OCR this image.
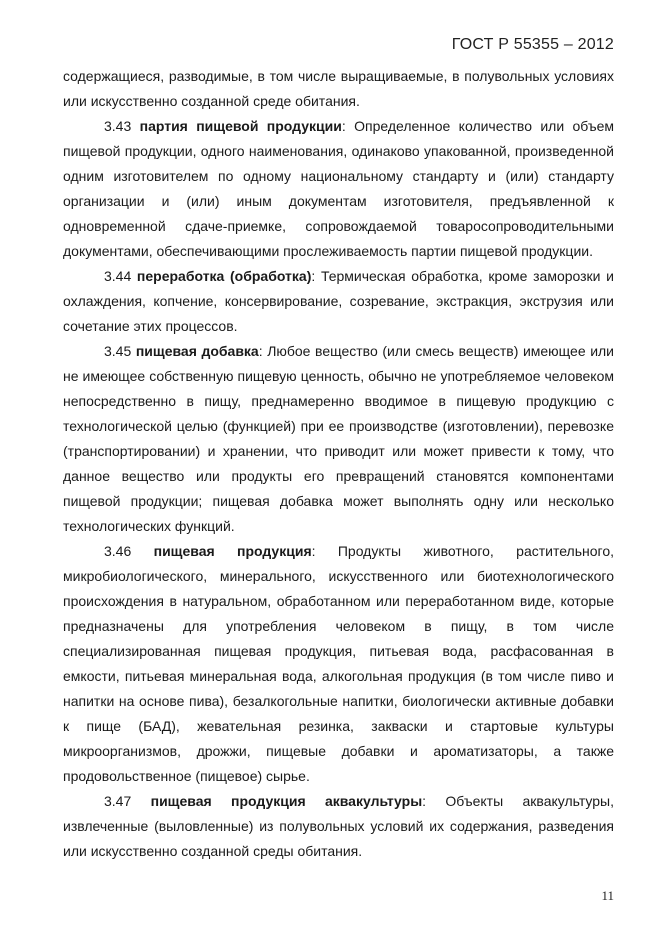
ГОСТ Р 55355 – 2012

содержащиеся, разводимые, в том числе выращиваемые, в полувольных условиях или искусственно созданной среде обитания.

3.43 партия пищевой продукции: Определенное количество или объем пищевой продукции, одного наименования, одинаково упакованной, произведенной одним изготовителем по одному национальному стандарту и (или) стандарту организации и (или) иным документам изготовителя, предъявленной к одновременной сдаче-приемке, сопровождаемой товаросопроводительными документами, обеспечивающими прослеживаемость партии пищевой продукции.

3.44 переработка (обработка): Термическая обработка, кроме заморозки и охлаждения, копчение, консервирование, созревание, экстракция, экструзия или сочетание этих процессов.

3.45 пищевая добавка: Любое вещество (или смесь веществ) имеющее или не имеющее собственную пищевую ценность, обычно не употребляемое человеком непосредственно в пищу, преднамеренно вводимое в пищевую продукцию с технологической целью (функцией) при ее производстве (изготовлении), перевозке (транспортировании) и хранении, что приводит или может привести к тому, что данное вещество или продукты его превращений становятся компонентами пищевой продукции; пищевая добавка может выполнять одну или несколько технологических функций.

3.46 пищевая продукция: Продукты животного, растительного, микробиологического, минерального, искусственного или биотехнологического происхождения в натуральном, обработанном или переработанном виде, которые предназначены для употребления человеком в пищу, в том числе специализированная пищевая продукция, питьевая вода, расфасованная в емкости, питьевая минеральная вода, алкогольная продукция (в том числе пиво и напитки на основе пива), безалкогольные напитки, биологически активные добавки к пище (БАД), жевательная резинка, закваски и стартовые культуры микроорганизмов, дрожжи, пищевые добавки и ароматизаторы, а также продовольственное (пищевое) сырье.

3.47 пищевая продукция аквакультуры: Объекты аквакультуры, извлеченные (выловленные) из полувольных условий их содержания, разведения или искусственно созданной среды обитания.

11
